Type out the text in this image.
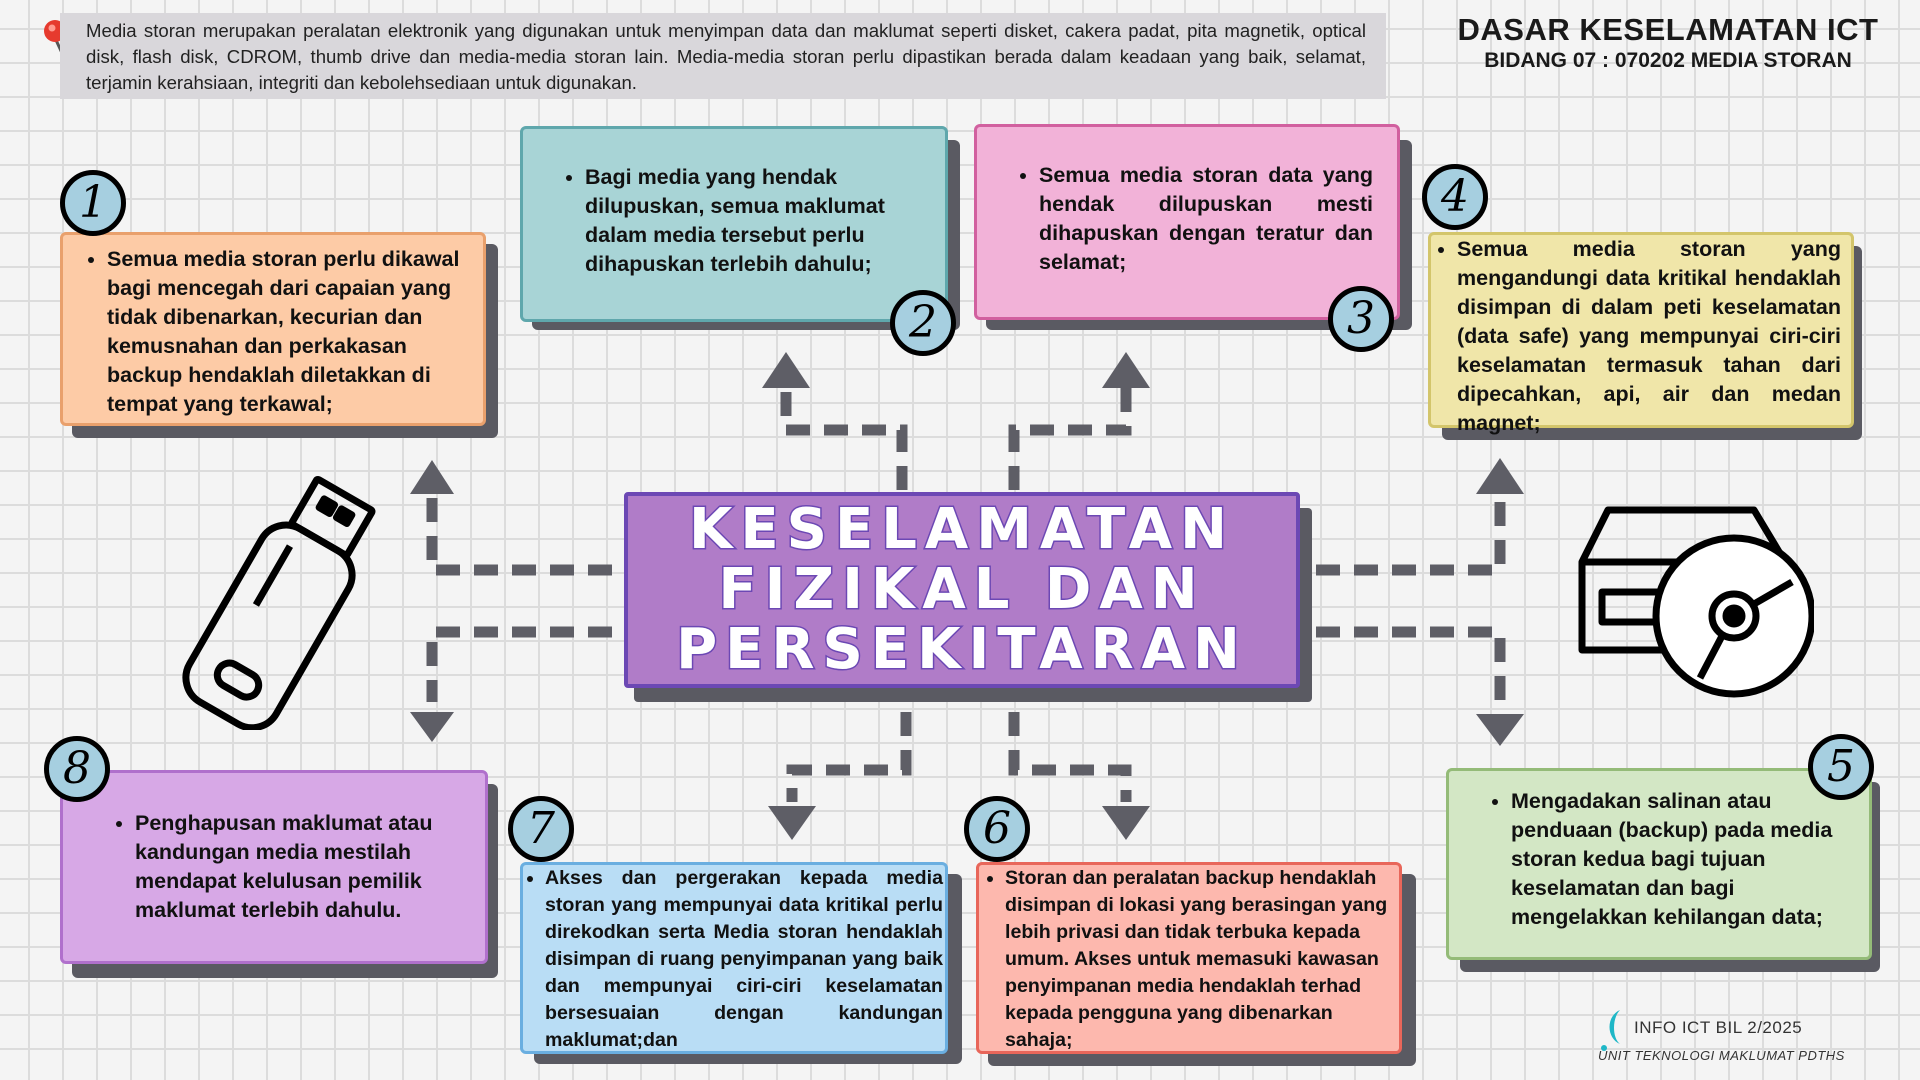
Media storan merupakan peralatan elektronik yang digunakan untuk menyimpan data dan maklumat seperti disket, cakera padat, pita magnetik, optical disk, flash disk, CDROM, thumb drive dan media-media storan lain. Media-media storan perlu dipastikan berada dalam keadaan yang baik, selamat, terjamin kerahsiaan, integriti dan kebolehsediaan untuk digunakan.
DASAR KESELAMATAN ICT
BIDANG 07 : 070202 MEDIA STORAN
KESELAMATAN
FIZIKAL DAN
PERSEKITARAN
• Semua media storan perlu dikawal bagi mencegah dari capaian yang tidak dibenarkan, kecurian dan kemusnahan dan perkakasan backup hendaklah diletakkan di tempat yang terkawal;
1
•	Bagi media yang hendak dilupuskan, semua maklumat dalam media tersebut perlu dihapuskan terlebih dahulu;
2
• Semua media storan data yang hendak dilupuskan mesti dihapuskan dengan teratur dan selamat;
3
• Semua media storan yang mengandungi data kritikal hendaklah disimpan di dalam peti keselamatan (data safe) yang mempunyai ciri-ciri keselamatan termasuk tahan dari dipecahkan, api, air dan medan magnet;
4
• Mengadakan salinan atau penduaan (backup) pada media storan kedua bagi tujuan keselamatan dan bagi mengelakkan kehilangan data;
5
• Storan dan peralatan backup hendaklah disimpan di lokasi yang berasingan yang lebih privasi dan tidak terbuka kepada umum. Akses untuk memasuki kawasan penyimpanan media hendaklah terhad kepada pengguna yang dibenarkan sahaja;
6
• Akses dan pergerakan kepada media storan yang mempunyai data kritikal perlu direkodkan serta Media storan hendaklah disimpan di ruang penyimpanan yang baik dan mempunyai ciri-ciri keselamatan bersesuaian dengan kandungan maklumat;dan
7
• Penghapusan maklumat atau kandungan media mestilah mendapat kelulusan pemilik maklumat terlebih dahulu.
8
INFO ICT BIL 2/2025
UNIT TEKNOLOGI MAKLUMAT PDTHS
